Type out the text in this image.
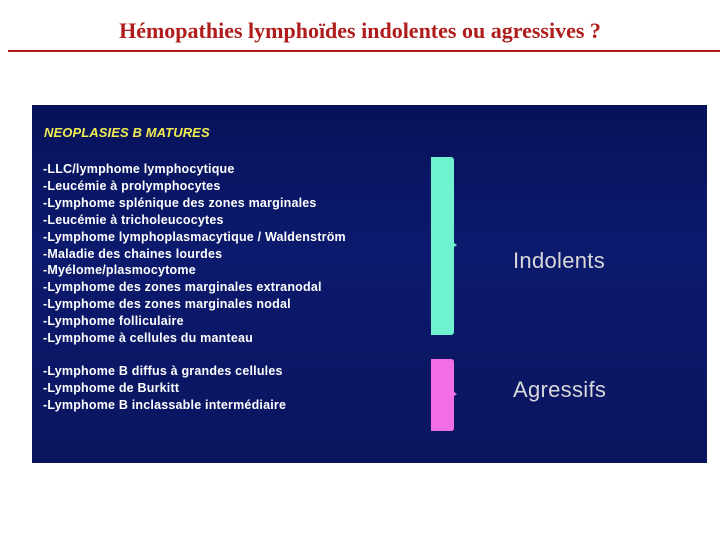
Hémopathies lymphoïdes indolentes ou agressives ?
NEOPLASIES B MATURES
-LLC/lymphome lymphocytique
-Leucémie à prolymphocytes
-Lymphome splénique des zones marginales
-Leucémie à tricholeucocytes
-Lymphome lymphoplasmacytique / Waldenström
-Maladie des chaines lourdes
-Myélome/plasmocytome
-Lymphome des zones marginales extranodal
-Lymphome des zones marginales nodal
-Lymphome folliculaire
-Lymphome à cellules du manteau
-Lymphome B diffus à grandes cellules
-Lymphome de Burkitt
-Lymphome B inclassable intermédiaire
Indolents
Agressifs
